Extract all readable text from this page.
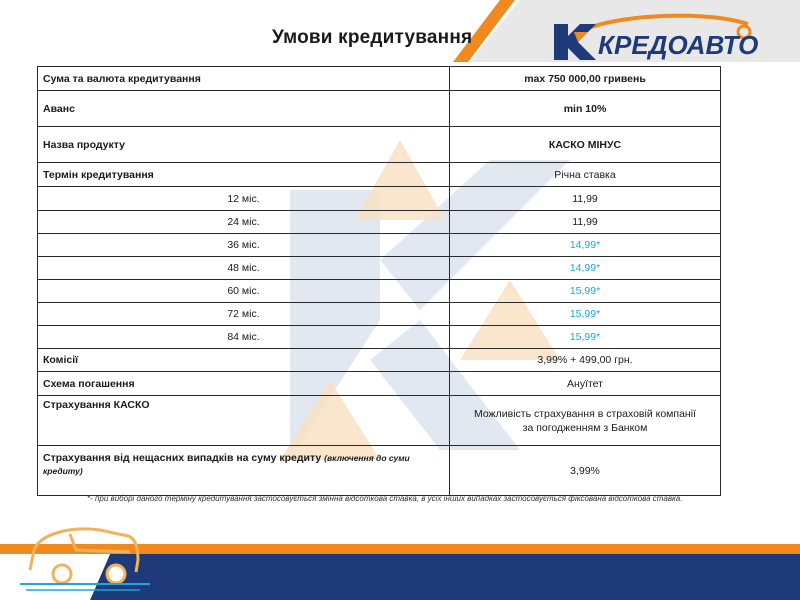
Умови кредитування	КРЕДОАВТО
Сума та валюта кредитування	max 750 000,00 гривень
Аванс	min 10%
Назва продукту	КАСКО МІНУС
Термін кредитування	Річна ставка
12 міс.	11,99
24 міс.	11,99
36 міс.	14,99*
48 міс.	14,99*
60 міс.	15,99*
72 міс.	15,99*
84 міс.	15,99*
Комісії	3,99% + 499,00 грн.
Схема погашення	Ануїтет
Страхування КАСКО	Можливість страхування в страховій компанії за погодженням з Банком
Страхування від нещасних випадків на суму кредиту (включення до суми кредиту)	3,99%
*- при виборі даного терміну кредитування застосовується змінна відсоткова ставка, в усіх інших випадках застосовується фіксована відсоткова ставка.
